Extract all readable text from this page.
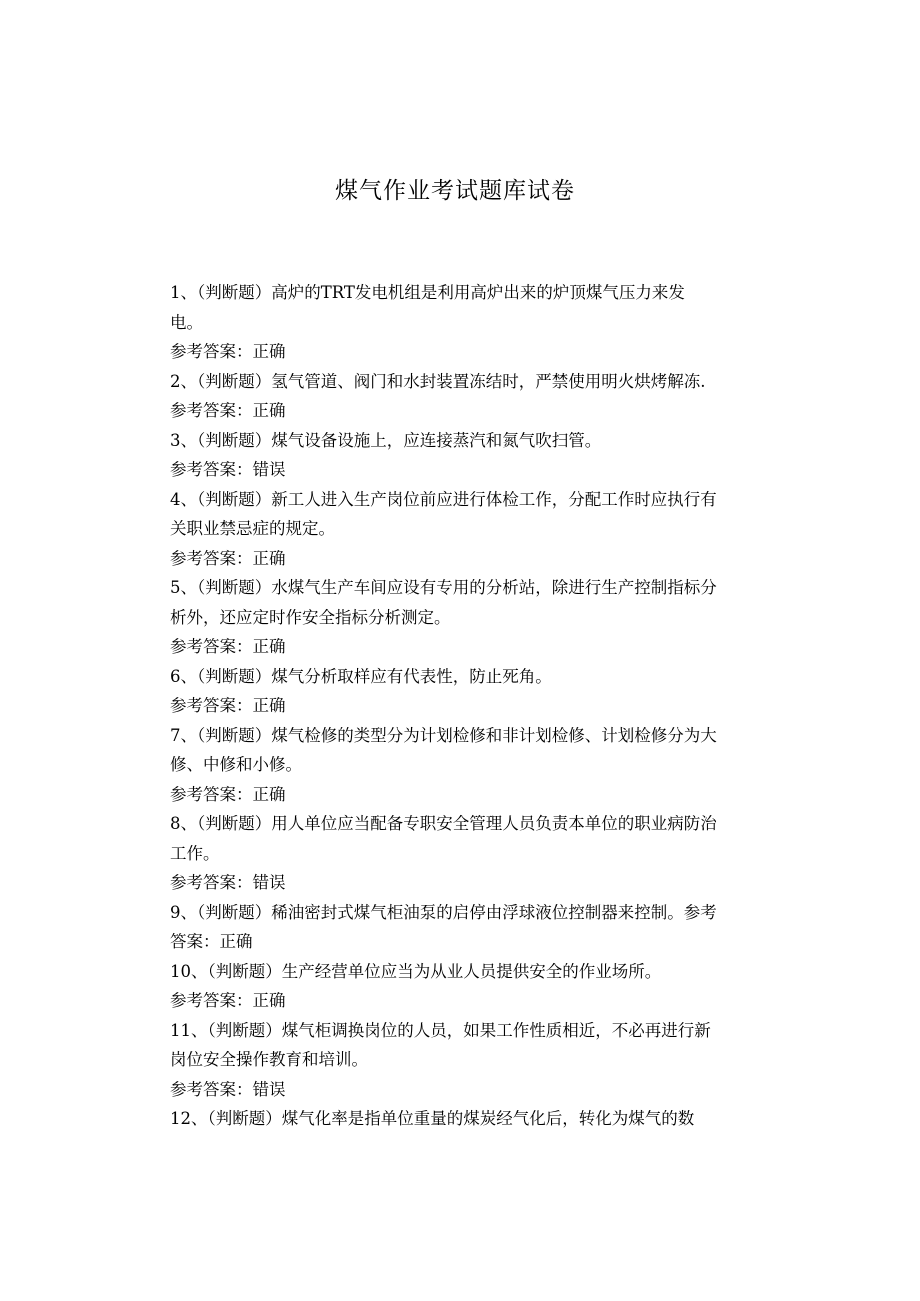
煤气作业考试题库试卷
1、（判断题）高炉的TRT发电机组是利用高炉出来的炉顶煤气压力来发
电。
参考答案：正确
2、（判断题）氢气管道、阀门和水封装置冻结时，严禁使用明火烘烤解冻.
参考答案：正确
3、（判断题）煤气设备设施上，应连接蒸汽和氮气吹扫管。
参考答案：错误
4、（判断题）新工人进入生产岗位前应进行体检工作，分配工作时应执行有
关职业禁忌症的规定。
参考答案：正确
5、（判断题）水煤气生产车间应设有专用的分析站，除进行生产控制指标分
析外，还应定时作安全指标分析测定。
参考答案：正确
6、（判断题）煤气分析取样应有代表性，防止死角。
参考答案：正确
7、（判断题）煤气检修的类型分为计划检修和非计划检修、计划检修分为大
修、中修和小修。
参考答案：正确
8、（判断题）用人单位应当配备专职安全管理人员负责本单位的职业病防治
工作。
参考答案：错误
9、（判断题）稀油密封式煤气柜油泵的启停由浮球液位控制器来控制。参考
答案：正确
10、（判断题）生产经营单位应当为从业人员提供安全的作业场所。
参考答案：正确
11、（判断题）煤气柜调换岗位的人员，如果工作性质相近，不必再进行新
岗位安全操作教育和培训。
参考答案：错误
12、（判断题）煤气化率是指单位重量的煤炭经气化后，转化为煤气的数
